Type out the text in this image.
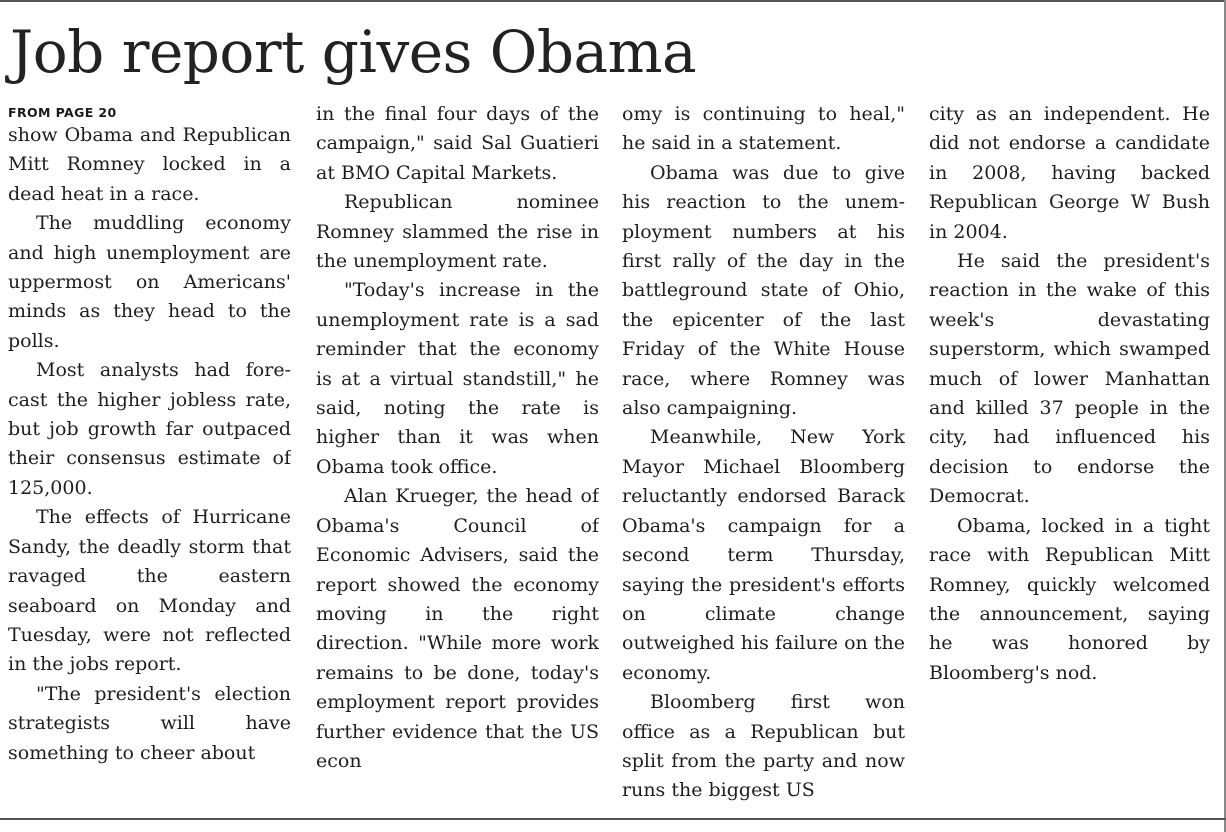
Job report gives Obama
FROM PAGE 20

show Obama and Republican Mitt Romney locked in a dead heat in a race.

The muddling economy and high unemployment are uppermost on Americans' minds as they head to the polls.

Most analysts had forecast the higher jobless rate, but job growth far outpaced their consensus estimate of 125,000.

The effects of Hurricane Sandy, the deadly storm that ravaged the eastern seaboard on Monday and Tuesday, were not reflected in the jobs report.

"The president's election strategists will have something to cheer about

in the final four days of the campaign," said Sal Guatieri at BMO Capital Markets.

Republican nominee Romney slammed the rise in the unemployment rate.

"Today's increase in the unemployment rate is a sad reminder that the economy is at a virtual standstill," he said, noting the rate is higher than it was when Obama took office.

Alan Krueger, the head of Obama's Council of Economic Advisers, said the report showed the economy moving in the right direction. "While more work remains to be done, today's employment report provides further evidence that the US econ

omy is continuing to heal," he said in a statement.

Obama was due to give his reaction to the unemployment numbers at his first rally of the day in the battleground state of Ohio, the epicenter of the last Friday of the White House race, where Romney was also campaigning.

Meanwhile, New York Mayor Michael Bloomberg reluctantly endorsed Barack Obama's campaign for a second term Thursday, saying the president's efforts on climate change outweighed his failure on the economy.

Bloomberg first won office as a Republican but split from the party and now runs the biggest US

city as an independent. He did not endorse a candidate in 2008, having backed Republican George W Bush in 2004.

He said the president's reaction in the wake of this week's devastating superstorm, which swamped much of lower Manhattan and killed 37 people in the city, had influenced his decision to endorse the Democrat.

Obama, locked in a tight race with Republican Mitt Romney, quickly welcomed the announcement, saying he was honored by Bloomberg's nod.
